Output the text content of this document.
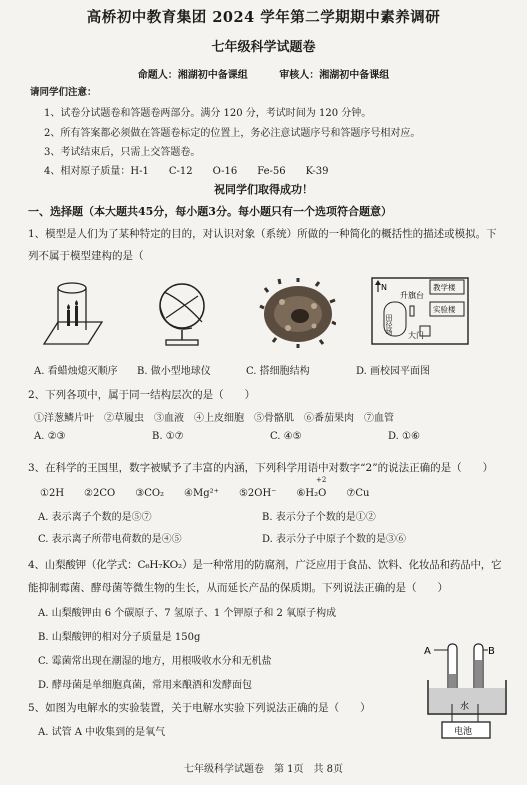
高桥初中教育集团 2024 学年第二学期期中素养调研
七年级科学试题卷
命题人：湘湖初中备课组	审核人：湘湖初中备课组
请同学们注意：
1、试卷分试题卷和答题卷两部分。满分 120 分，考试时间为 120 分钟。
2、所有答案都必须做在答题卷标定的位置上，务必注意试题序号和答题序号相对应。
3、考试结束后，只需上交答题卷。
4、相对原子质量：H-1　　C-12　　O-16　　Fe-56　　K-39
祝同学们取得成功！
一、选择题（本大题共45分，每小题3分。每小题只有一个选项符合题意）
1、模型是人们为了某种特定的目的，对认识对象（系统）所做的一种简化的概括性的描述或模拟。下
列不属于模型建构的是（
N
升旗台
教学楼
实验楼
田径场
大门
A. 看蜡烛熄灭顺序 B. 做小型地球仪	C. 搭细胞结构	D. 画校园平面图
2、下列各项中，属于同一结构层次的是（　　）
①洋葱鳞片叶　②草履虫　③血液　④上皮细胞　⑤骨骼肌　⑥番茄果肉　⑦血管
A. ②③	B. ①⑦	C. ④⑤	D. ①⑥
3、在科学的王国里，数字被赋予了丰富的内涵，下列科学用语中对数字“2”的说法正确的是（　　）
+2
①2H　　②2CO　　③CO₂　　④Mg²⁺　　⑤2OH⁻　　⑥H₂O　　⑦Cu
A. 表示离子个数的是⑤⑦	B. 表示分子个数的是①②
C. 表示离子所带电荷数的是④⑤	D. 表示分子中原子个数的是③⑥
4、山梨酸钾（化学式：C₆H₇KO₂）是一种常用的防腐剂，广泛应用于食品、饮料、化妆品和药品中，它
能抑制霉菌、酵母菌等微生物的生长，从而延长产品的保质期。下列说法正确的是（　　）
A. 山梨酸钾由 6 个碳原子、7 氢原子、1 个钾原子和 2 氧原子构成
B. 山梨酸钾的相对分子质量是 150g
C. 霉菌常出现在潮湿的地方，用根吸收水分和无机盐
D. 酵母菌是单细胞真菌，常用来酿酒和发酵面包
5、如图为电解水的实验装置，关于电解水实验下列说法正确的是（　　）
A. 试管 A 中收集到的是氧气
A	B
水
电池
七年级科学试题卷　第 1页　共 8页
